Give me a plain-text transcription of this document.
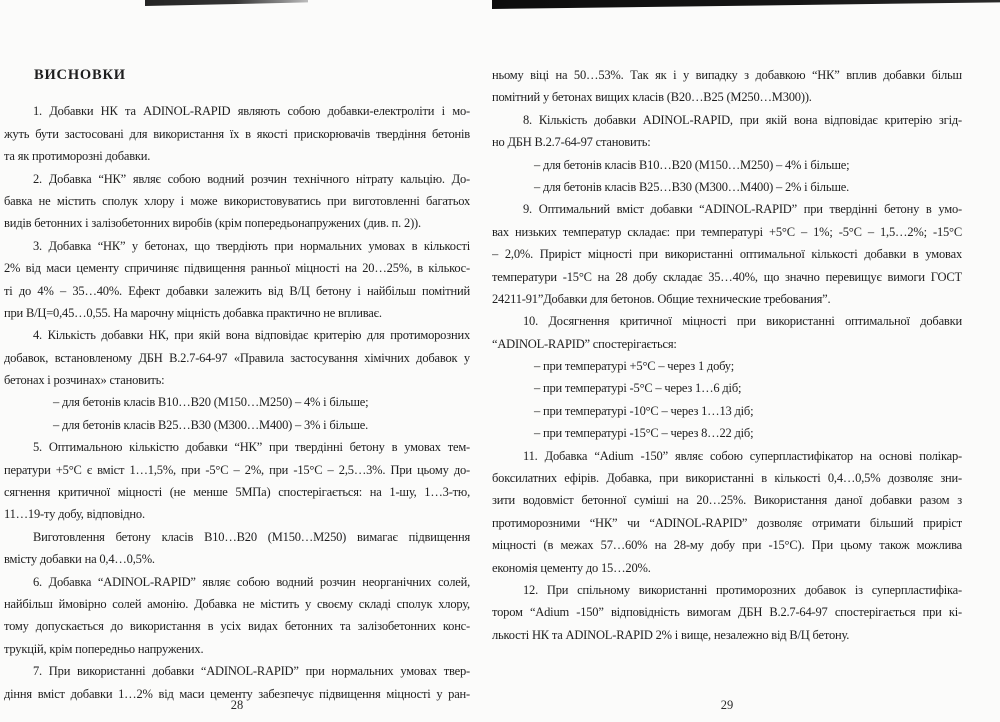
ВИСНОВКИ
1. Добавки НК та ADINOL-RAPID являють собою добавки-електроліти і мо-
жуть бути застосовані для використання їх в якості прискорювачів твердіння бетонів
та як протиморозні добавки.
2. Добавка “НК” являє собою водний розчин технічного нітрату кальцію. До-
бавка не містить сполук хлору і може використовуватись при виготовленні багатьох
видів бетонних і залізобетонних виробів (крім попередьонапружених (див. п. 2)).
3. Добавка “НК” у бетонах, що твердіють при нормальних умовах в кількості
2% від маси цементу спричиняє підвищення ранньої міцності на 20…25%, в кількос-
ті до 4% – 35…40%. Ефект добавки залежить від В/Ц бетону і найбільш помітний
при В/Ц=0,45…0,55. На марочну міцність добавка практично не впливає.
4. Кількість добавки НК, при якій вона відповідає критерію для протиморозних
добавок, встановленому ДБН В.2.7-64-97 «Правила застосування хімічних добавок у
бетонах і розчинах» становить:
– для бетонів класів В10…В20 (М150…М250) – 4% і більше;
– для бетонів класів В25…В30 (М300…М400) – 3% і більше.
5. Оптимальною кількістю добавки “НК” при твердінні бетону в умовах тем-
ператури +5°С є вміст 1…1,5%, при -5°С – 2%, при -15°С – 2,5…3%. При цьому до-
сягнення критичної міцності (не менше 5МПа) спостерігається: на 1-шу, 1…3-тю,
11…19-ту добу, відповідно.
Виготовлення бетону класів В10…В20 (М150…М250) вимагає підвищення
вмісту добавки на 0,4…0,5%.
6. Добавка “ADINOL-RAPID” являє собою водний розчин неорганічних солей,
найбільш ймовірно солей амонію. Добавка не містить у своєму складі сполук хлору,
тому допускається до використання в усіх видах бетонних та залізобетонних конс-
трукцій, крім попередньо напружених.
7. При використанні добавки “ADINOL-RAPID” при нормальних умовах твер-
діння вміст добавки 1…2% від маси цементу забезпечує підвищення міцності у ран-
28
ньому віці на 50…53%. Так як і у випадку з добавкою “НК” вплив добавки більш
помітний у бетонах вищих класів (В20…В25 (М250…М300)).
8. Кількість добавки ADINOL-RAPID, при якій вона відповідає критерію згід-
но ДБН В.2.7-64-97 становить:
– для бетонів класів В10…В20 (М150…М250) – 4% і більше;
– для бетонів класів В25…В30 (М300…М400) – 2% і більше.
9. Оптимальний вміст добавки “ADINOL-RAPID” при твердінні бетону в умо-
вах низьких температур складає: при температурі +5°С – 1%; -5°С – 1,5…2%; -15°С
– 2,0%. Приріст міцності при використанні оптимальної кількості добавки в умовах
температури -15°С на 28 добу складає 35…40%, що значно перевищує вимоги ГОСТ
24211-91”Добавки для бетонов. Общие технические требования”.
10. Досягнення критичної міцності при використанні оптимальної добавки
“ADINOL-RAPID” спостерігається:
– при температурі +5°С – через 1 добу;
– при температурі -5°С – через 1…6 діб;
– при температурі -10°С – через 1…13 діб;
– при температурі -15°С – через 8…22 діб;
11. Добавка “Adium -150” являє собою суперпластифікатор на основі полікар-
боксилатних ефірів. Добавка, при використанні в кількості 0,4…0,5% дозволяє зни-
зити водовміст бетонної суміші на 20…25%. Використання даної добавки разом з
протиморозними “НК” чи “ADINOL-RAPID” дозволяє отримати більший приріст
міцності (в межах 57…60% на 28-му добу при -15°С). При цьому також можлива
економія цементу до 15…20%.
12. При спільному використанні протиморозних добавок із суперпластифіка-
тором “Adium -150” відповідність вимогам ДБН В.2.7-64-97 спостерігається при кі-
лькості НК та ADINOL-RAPID 2% і вище, незалежно від В/Ц бетону.
29
